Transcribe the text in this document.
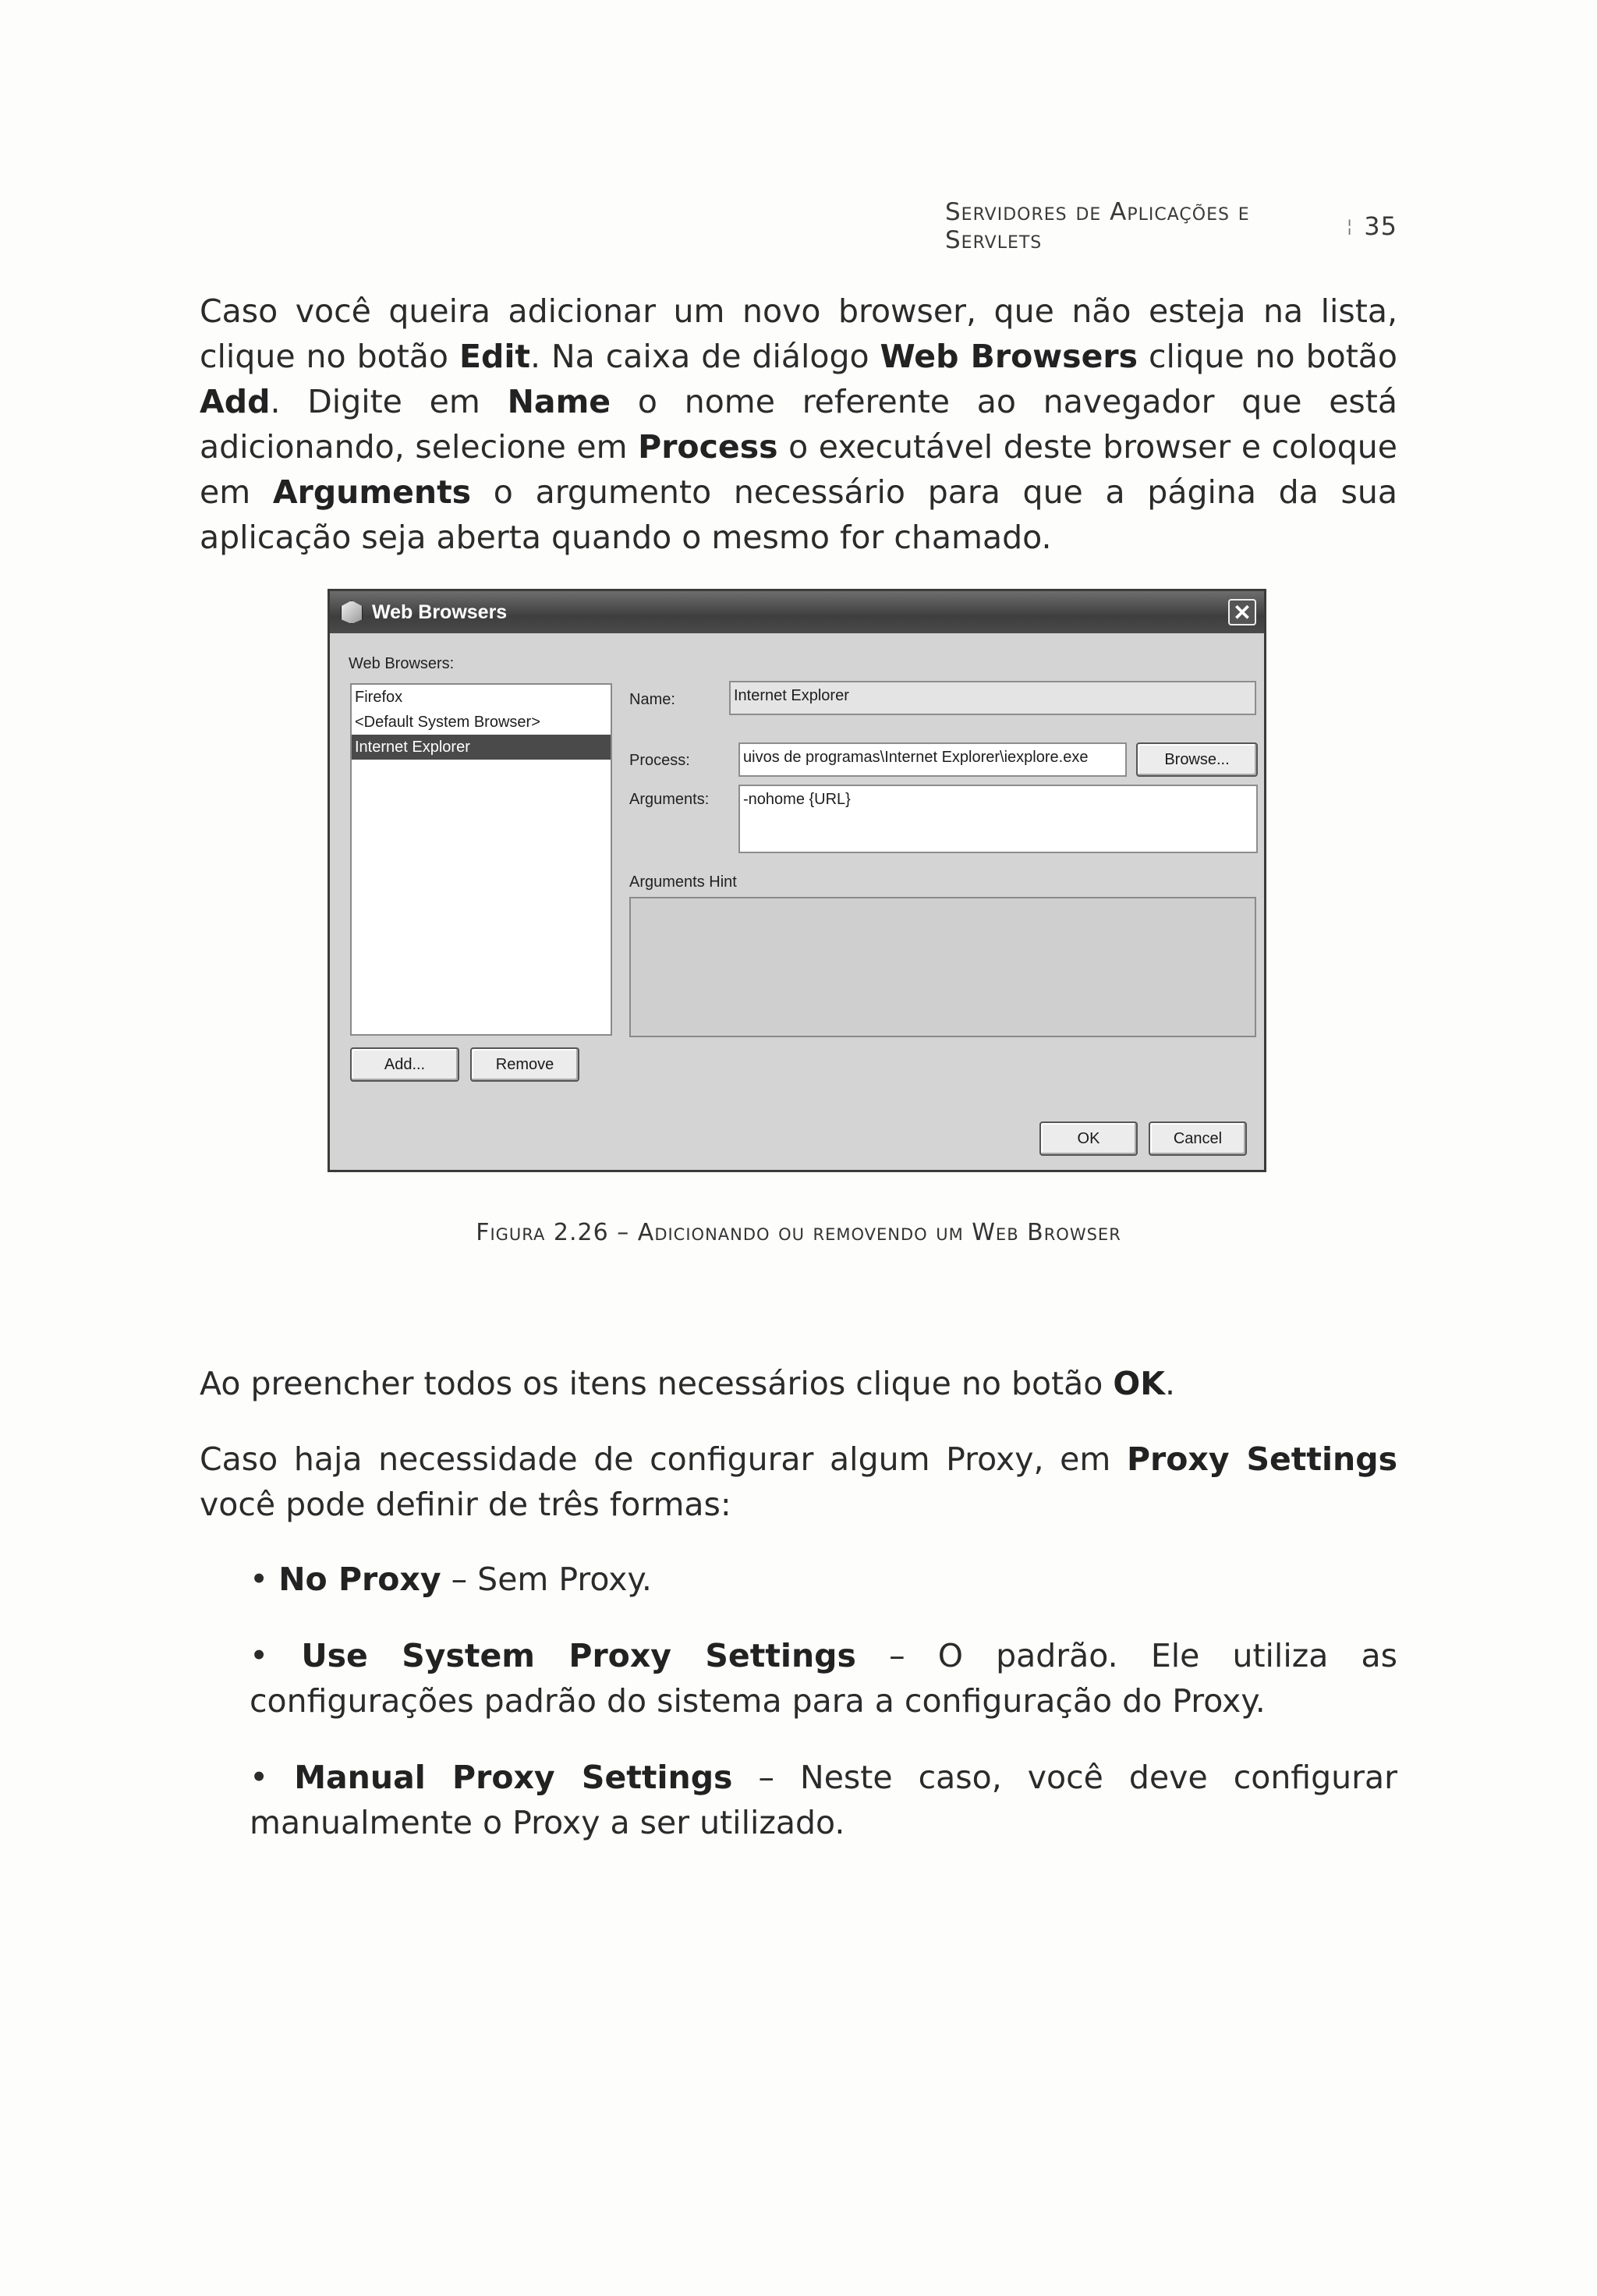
Servidores de Aplicações e Servlets	¦ 35

Caso você queira adicionar um novo browser, que não esteja na lista, clique no botão Edit. Na caixa de diálogo Web Browsers clique no botão Add. Digite em Name o nome referente ao navegador que está adicionando, selecione em Process o executável deste browser e coloque em Arguments o argumento necessário para que a página da sua aplicação seja aberta quando o mesmo for chamado.

Web Browsers	✕
Web Browsers:
Firefox
<Default System Browser>
Internet Explorer
Name:	Internet Explorer
Process:	uivos de programas\Internet Explorer\iexplore.exe	Browse...
Arguments:	-nohome {URL}
Arguments Hint
Add...	Remove
OK	Cancel
Figura 2.26 – Adicionando ou removendo um Web Browser

Ao preencher todos os itens necessários clique no botão OK.

Caso haja necessidade de configurar algum Proxy, em Proxy Settings você pode definir de três formas:

• No Proxy – Sem Proxy.
• Use System Proxy Settings – O padrão. Ele utiliza as configurações padrão do sistema para a configuração do Proxy.
• Manual Proxy Settings – Neste caso, você deve configurar manualmente o Proxy a ser utilizado.
